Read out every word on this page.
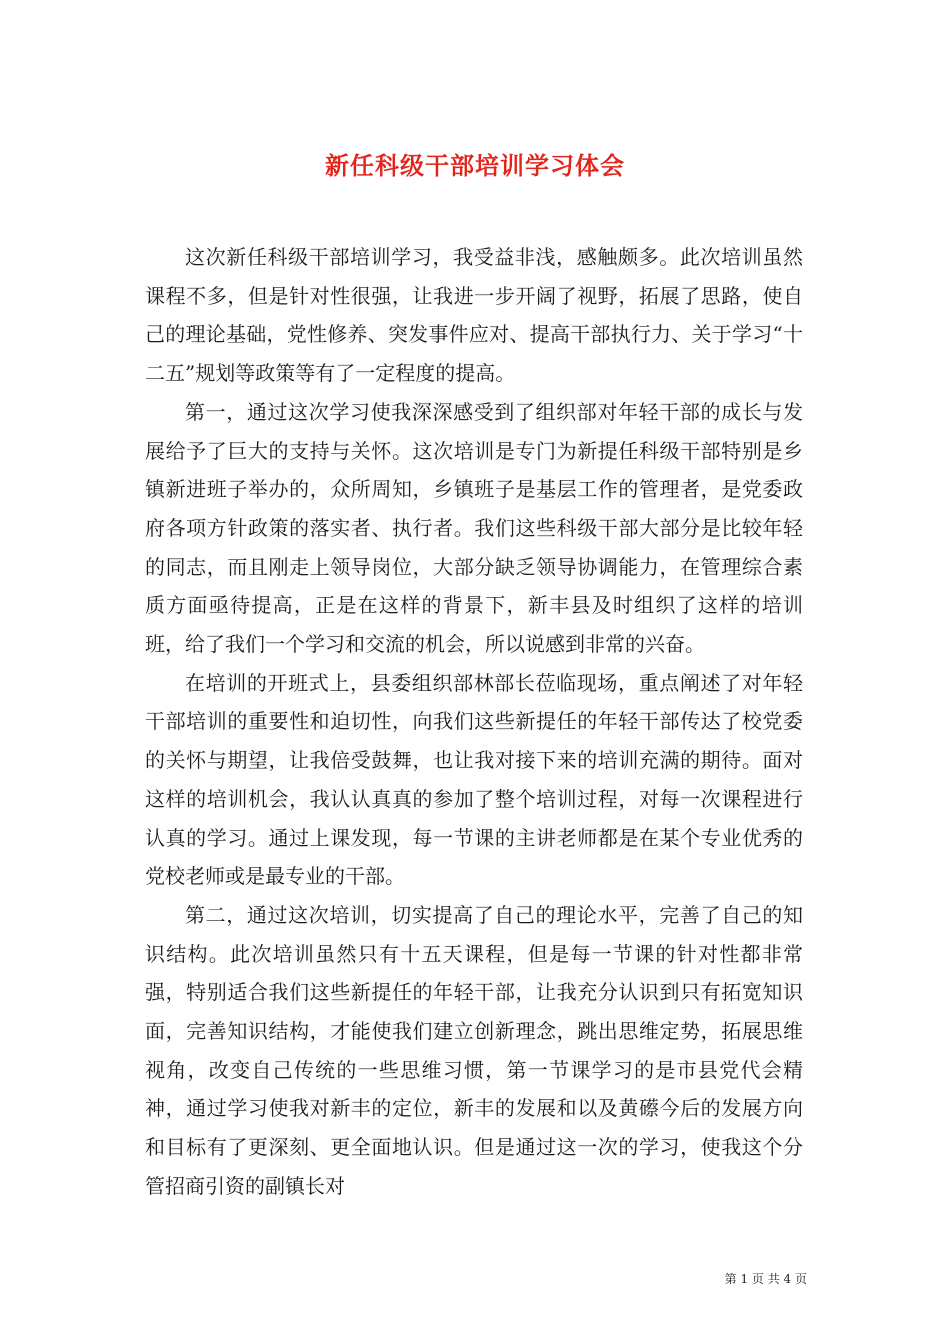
新任科级干部培训学习体会

这次新任科级干部培训学习，我受益非浅，感触颇多。此次培训虽然课程不多，但是针对性很强，让我进一步开阔了视野，拓展了思路，使自己的理论基础，党性修养、突发事件应对、提高干部执行力、关于学习“十二五”规划等政策等有了一定程度的提高。

第一，通过这次学习使我深深感受到了组织部对年轻干部的成长与发展给予了巨大的支持与关怀。这次培训是专门为新提任科级干部特别是乡镇新进班子举办的，众所周知，乡镇班子是基层工作的管理者，是党委政府各项方针政策的落实者、执行者。我们这些科级干部大部分是比较年轻的同志，而且刚走上领导岗位，大部分缺乏领导协调能力，在管理综合素质方面亟待提高，正是在这样的背景下，新丰县及时组织了这样的培训班，给了我们一个学习和交流的机会，所以说感到非常的兴奋。

在培训的开班式上，县委组织部林部长莅临现场，重点阐述了对年轻干部培训的重要性和迫切性，向我们这些新提任的年轻干部传达了校党委的关怀与期望，让我倍受鼓舞，也让我对接下来的培训充满的期待。面对这样的培训机会，我认认真真的参加了整个培训过程，对每一次课程进行认真的学习。通过上课发现，每一节课的主讲老师都是在某个专业优秀的党校老师或是最专业的干部。

第二，通过这次培训，切实提高了自己的理论水平，完善了自己的知识结构。此次培训虽然只有十五天课程，但是每一节课的针对性都非常强，特别适合我们这些新提任的年轻干部，让我充分认识到只有拓宽知识面，完善知识结构，才能使我们建立创新理念，跳出思维定势，拓展思维视角，改变自己传统的一些思维习惯，第一节课学习的是市县党代会精神，通过学习使我对新丰的定位，新丰的发展和以及黄礤今后的发展方向和目标有了更深刻、更全面地认识。但是通过这一次的学习，使我这个分管招商引资的副镇长对

第 1 页 共 4 页
